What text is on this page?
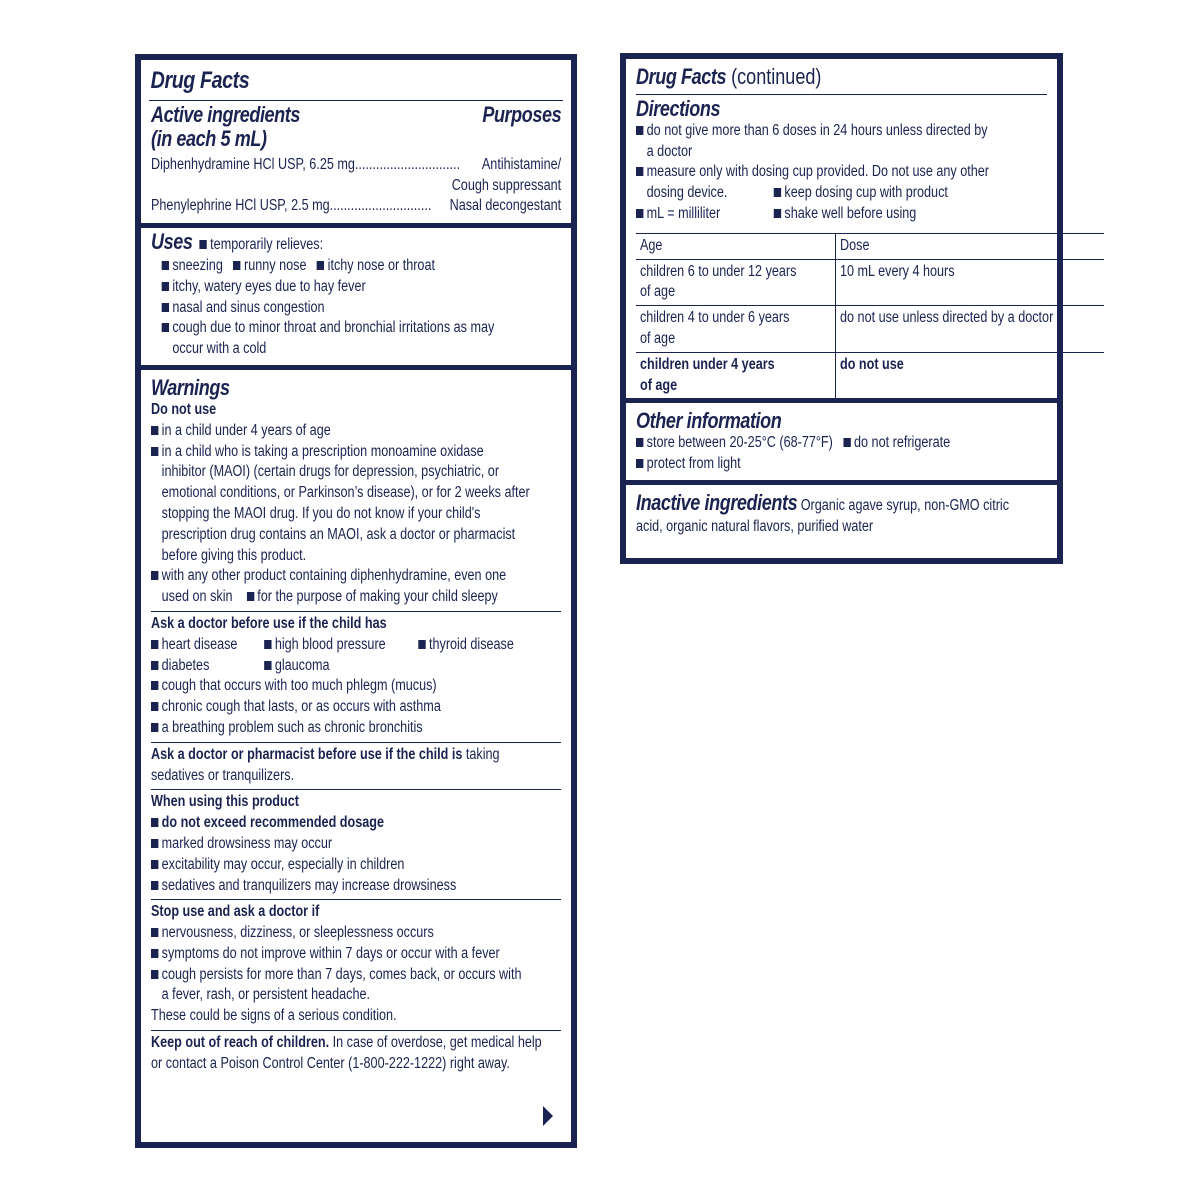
Drug Facts
Active ingredients	Purposes
(in each 5 mL)
Diphenhydramine HCl USP, 6.25 mg.............................. Antihistamine/
Cough suppressant
Phenylephrine HCl USP, 2.5 mg............................. Nasal decongestant
Uses temporarily relieves:
sneezing runny nose itchy nose or throat
itchy, watery eyes due to hay fever
nasal and sinus congestion
cough due to minor throat and bronchial irritations as may
occur with a cold
Warnings
Do not use
in a child under 4 years of age
in a child who is taking a prescription monoamine oxidase
inhibitor (MAOI) (certain drugs for depression, psychiatric, or
emotional conditions, or Parkinson’s disease), or for 2 weeks after
stopping the MAOI drug. If you do not know if your child's
prescription drug contains an MAOI, ask a doctor or pharmacist
before giving this product.
with any other product containing diphenhydramine, even one
used on skin for the purpose of making your child sleepy
Ask a doctor before use if the child has
heart disease	high blood pressure	thyroid disease
diabetes	glaucoma
cough that occurs with too much phlegm (mucus)
chronic cough that lasts, or as occurs with asthma
a breathing problem such as chronic bronchitis
Ask a doctor or pharmacist before use if the child is taking
sedatives or tranquilizers.
When using this product
do not exceed recommended dosage
marked drowsiness may occur
excitability may occur, especially in children
sedatives and tranquilizers may increase drowsiness
Stop use and ask a doctor if
nervousness, dizziness, or sleeplessness occurs
symptoms do not improve within 7 days or occur with a fever
cough persists for more than 7 days, comes back, or occurs with
a fever, rash, or persistent headache.
These could be signs of a serious condition.
Keep out of reach of children. In case of overdose, get medical help
or contact a Poison Control Center (1-800-222-1222) right away.
Drug Facts (continued)
Directions
do not give more than 6 doses in 24 hours unless directed by
a doctor
measure only with dosing cup provided. Do not use any other
dosing device.	keep dosing cup with product
mL = milliliter	shake well before using
Age	Dose
children 6 to under 12 years
of age	10 mL every 4 hours
children 4 to under 6 years
of age	do not use unless directed by a doctor
children under 4 years
of age	do not use
Other information
store between 20-25°C (68-77°F) do not refrigerate
protect from light
Inactive ingredients Organic agave syrup, non-GMO citric
acid, organic natural flavors, purified water
